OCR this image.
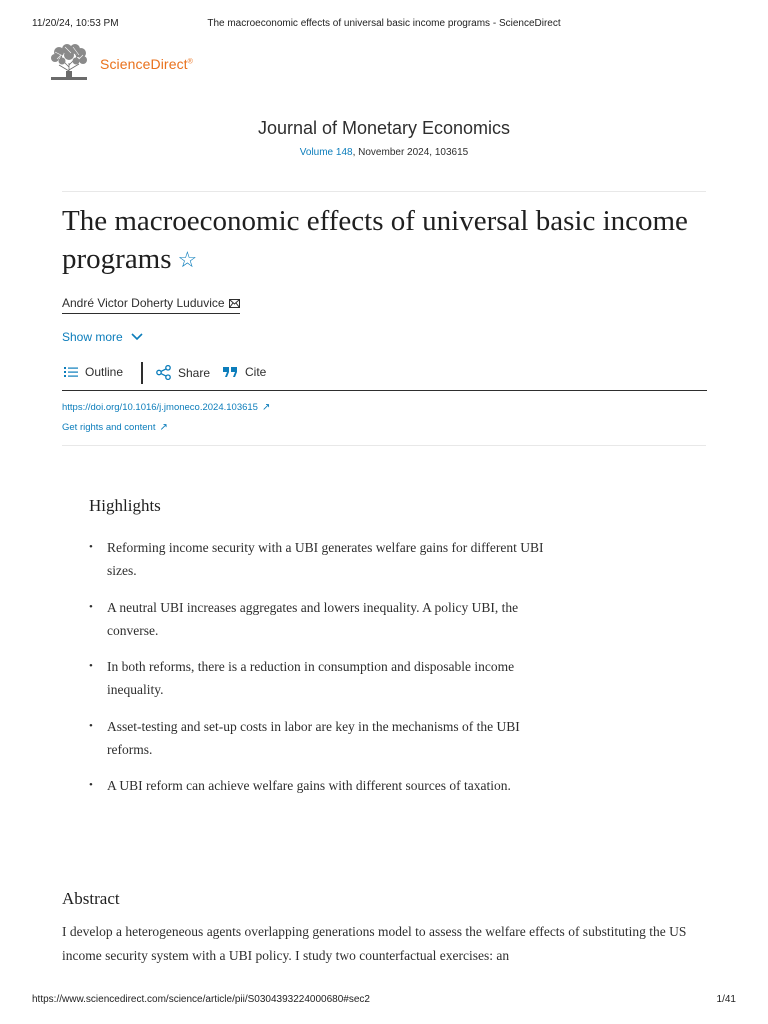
11/20/24, 10:53 PM	The macroeconomic effects of universal basic income programs - ScienceDirect
ScienceDirect®
Journal of Monetary Economics
Volume 148, November 2024, 103615
The macroeconomic effects of universal basic income programs ☆
André Victor Doherty Luduvice
Show more
Outline	Share	Cite
https://doi.org/10.1016/j.jmoneco.2024.103615 ↗
Get rights and content ↗
Highlights
• Reforming income security with a UBI generates welfare gains for different UBI sizes.
• A neutral UBI increases aggregates and lowers inequality. A policy UBI, the converse.
• In both reforms, there is a reduction in consumption and disposable income inequality.
• Asset-testing and set-up costs in labor are key in the mechanisms of the UBI reforms.
• A UBI reform can achieve welfare gains with different sources of taxation.
Abstract

I develop a heterogeneous agents overlapping generations model to assess the welfare effects of substituting the US income security system with a UBI policy. I study two counterfactual exercises: an

https://www.sciencedirect.com/science/article/pii/S0304393224000680#sec2	1/41
